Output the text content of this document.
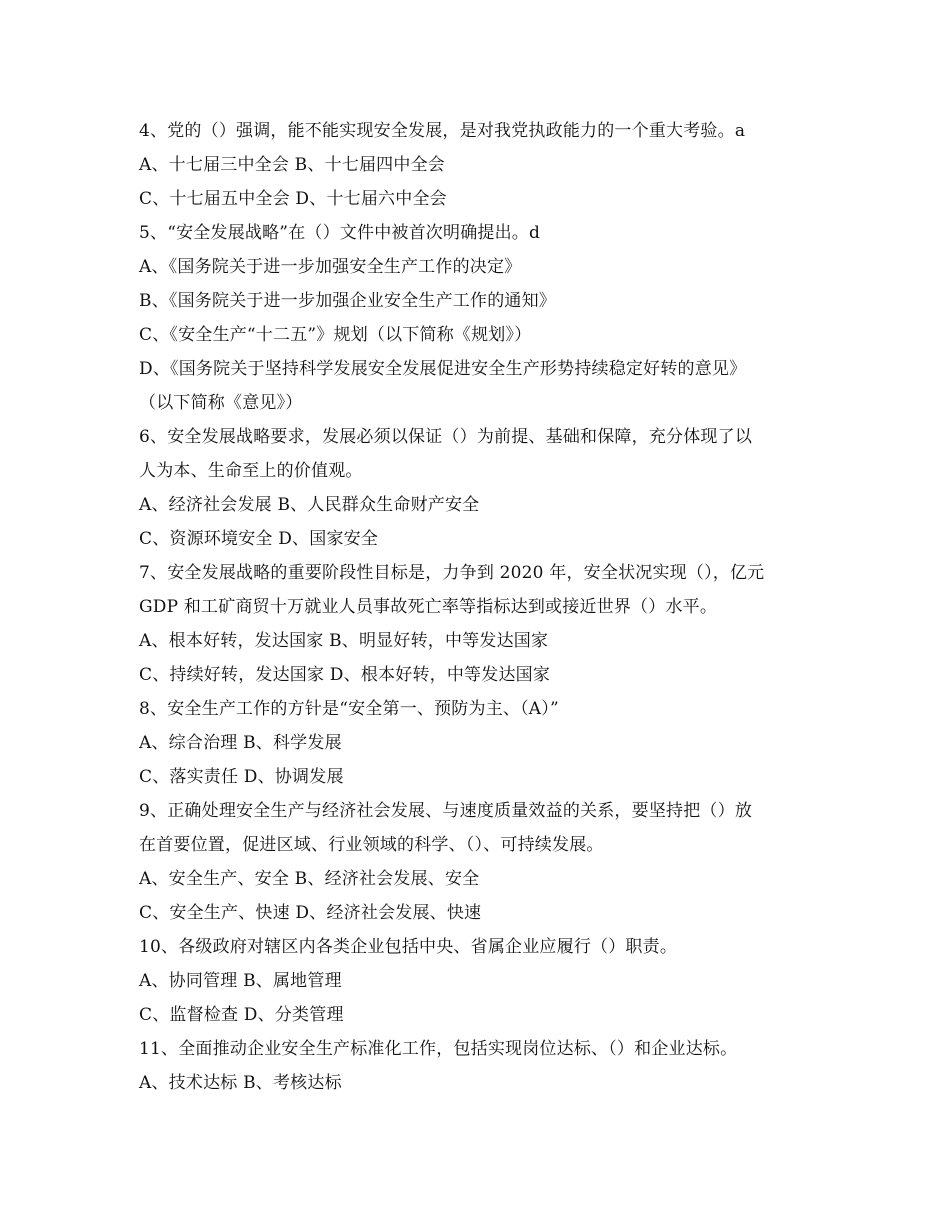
4、党的（）强调，能不能实现安全发展，是对我党执政能力的一个重大考验。a
A、十七届三中全会 B、十七届四中全会
C、十七届五中全会 D、十七届六中全会
5、“安全发展战略”在（）文件中被首次明确提出。d
A、《国务院关于进一步加强安全生产工作的决定》
B、《国务院关于进一步加强企业安全生产工作的通知》
C、《安全生产“十二五”》规划（以下简称《规划》）
D、《国务院关于坚持科学发展安全发展促进安全生产形势持续稳定好转的意见》
（以下简称《意见》）
6、安全发展战略要求，发展必须以保证（）为前提、基础和保障，充分体现了以
人为本、生命至上的价值观。
A、经济社会发展 B、人民群众生命财产安全
C、资源环境安全 D、国家安全
7、安全发展战略的重要阶段性目标是，力争到 2020 年，安全状况实现（），亿元
GDP 和工矿商贸十万就业人员事故死亡率等指标达到或接近世界（）水平。
A、根本好转，发达国家 B、明显好转，中等发达国家
C、持续好转，发达国家 D、根本好转，中等发达国家
8、安全生产工作的方针是“安全第一、预防为主、（A）”
A、综合治理 B、科学发展
C、落实责任 D、协调发展
9、正确处理安全生产与经济社会发展、与速度质量效益的关系，要坚持把（）放
在首要位置，促进区域、行业领域的科学、（）、可持续发展。
A、安全生产、安全 B、经济社会发展、安全
C、安全生产、快速 D、经济社会发展、快速
10、各级政府对辖区内各类企业包括中央、省属企业应履行（）职责。
A、协同管理 B、属地管理
C、监督检查 D、分类管理
11、全面推动企业安全生产标准化工作，包括实现岗位达标、（）和企业达标。
A、技术达标 B、考核达标
